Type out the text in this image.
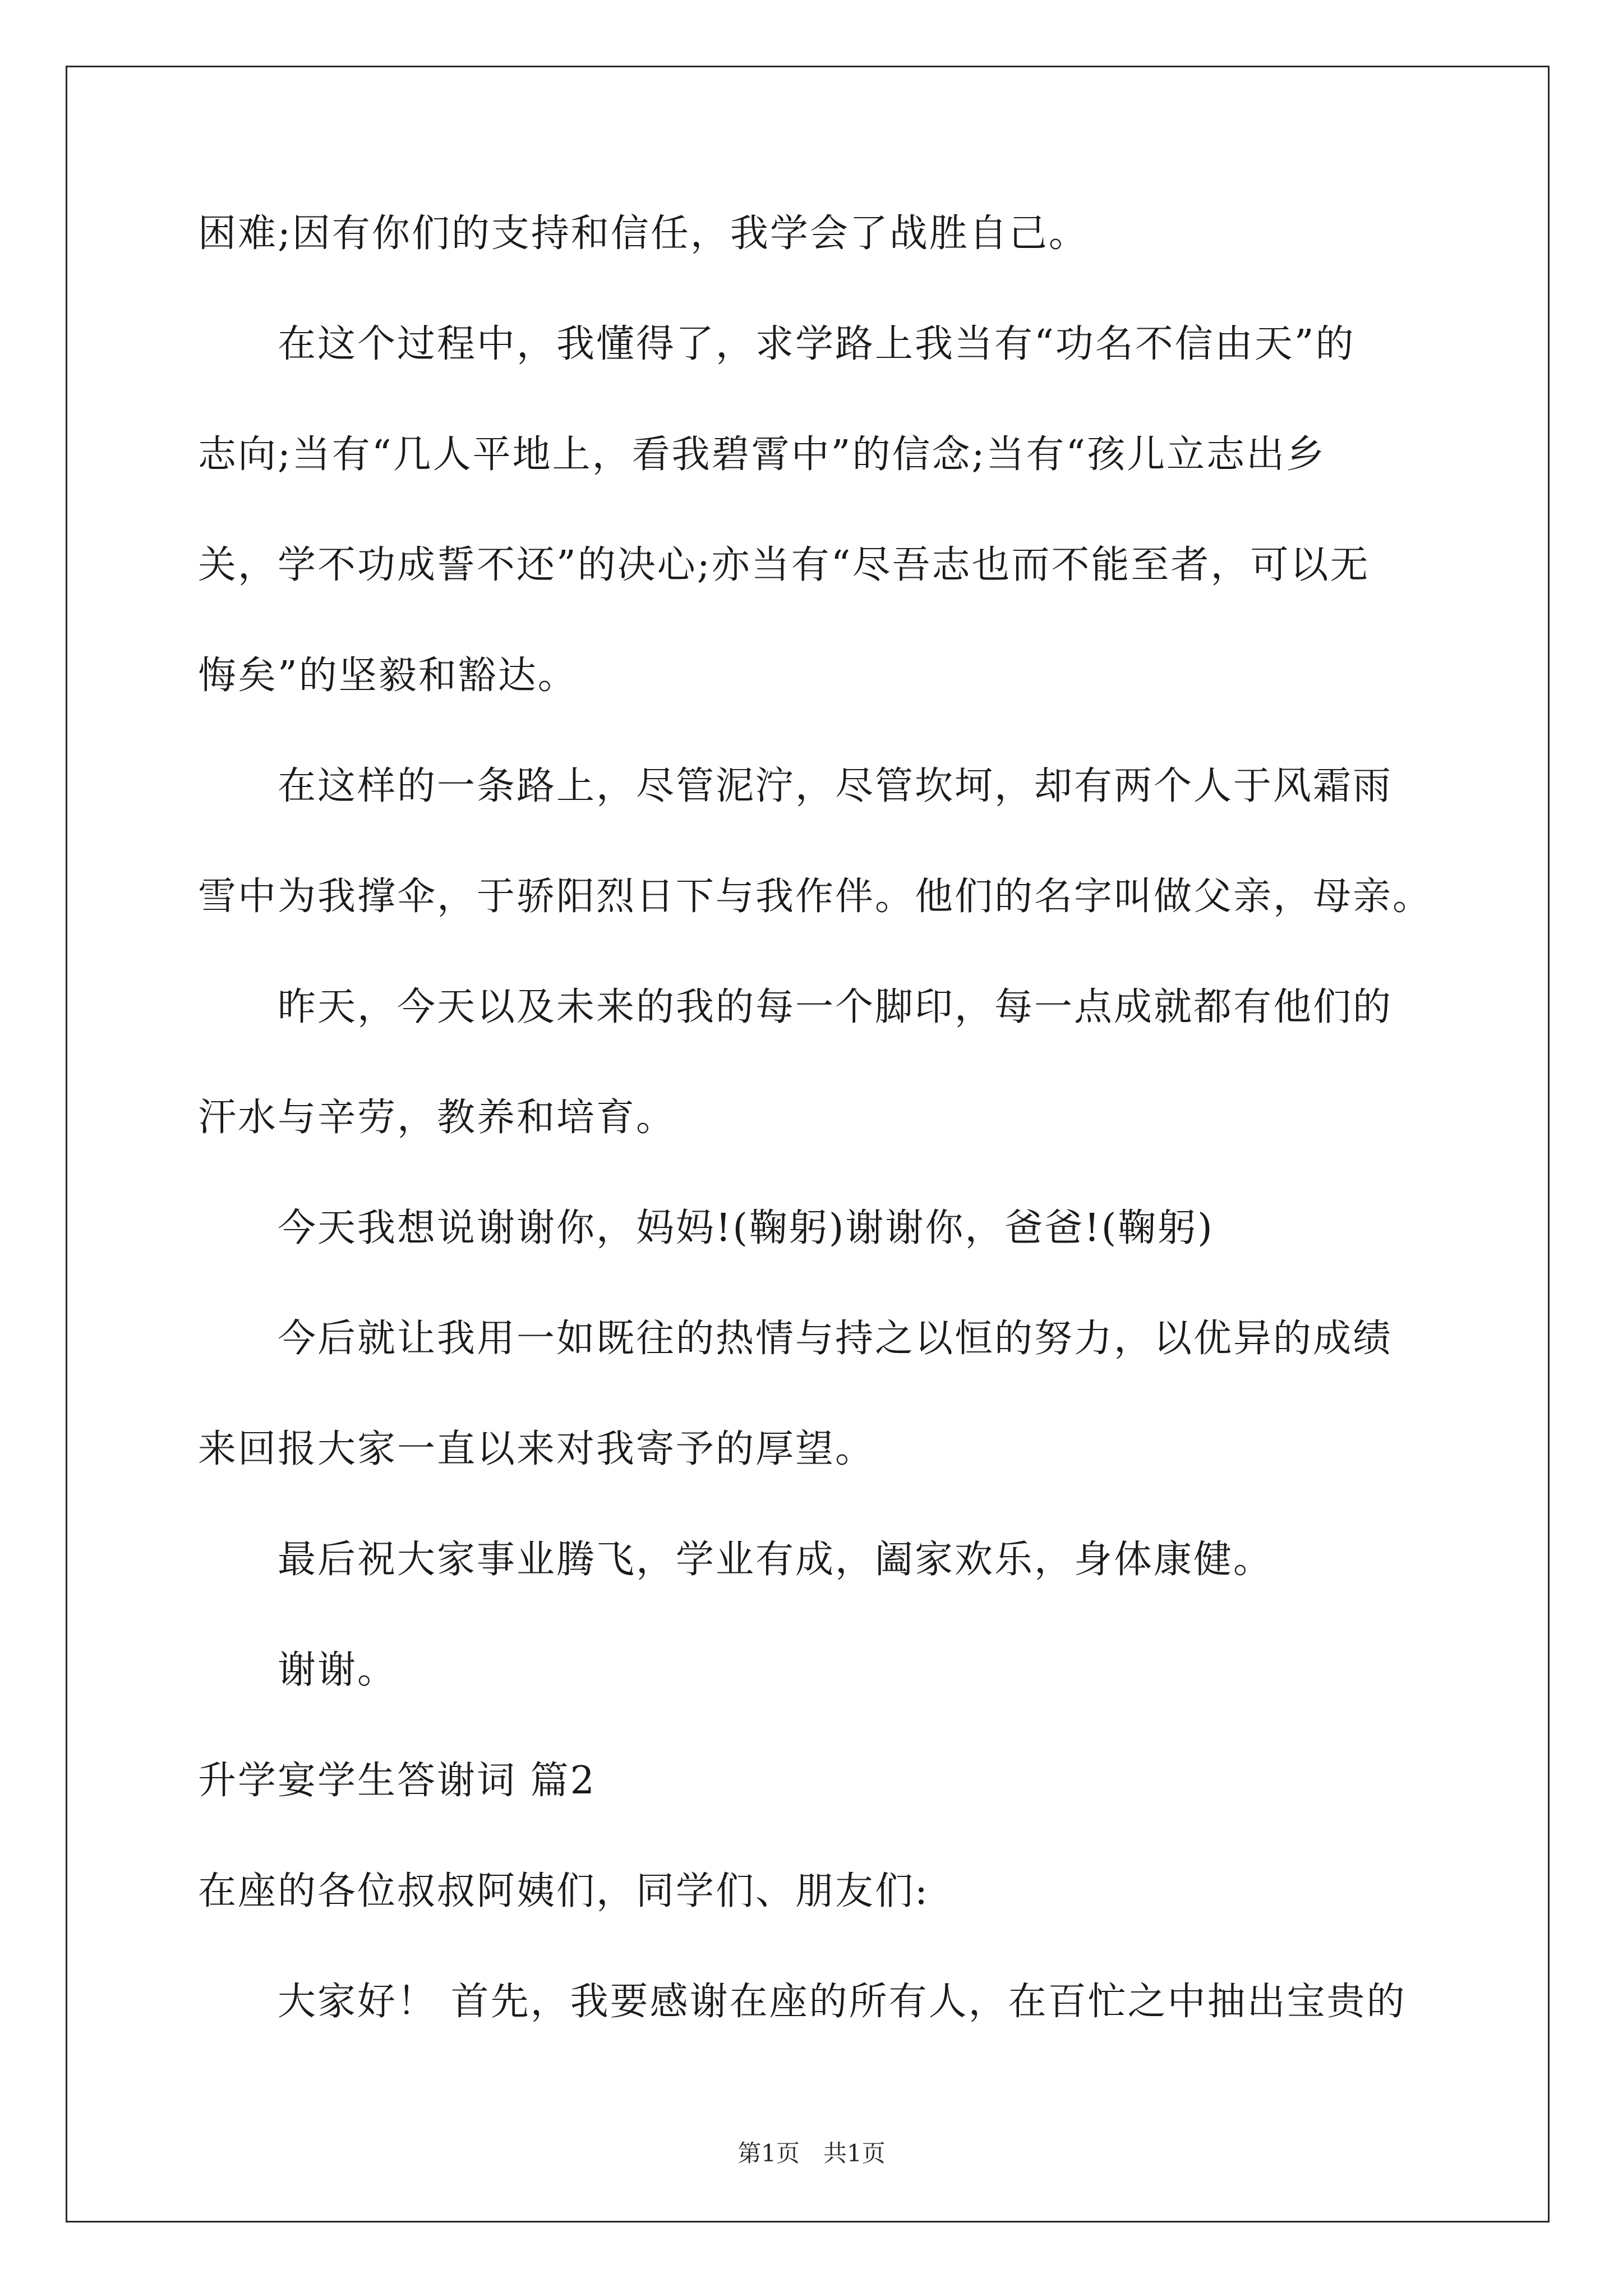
困难;因有你们的支持和信任，我学会了战胜自己。

　　在这个过程中，我懂得了，求学路上我当有“功名不信由天”的

志向;当有“几人平地上，看我碧霄中”的信念;当有“孩儿立志出乡

关，学不功成誓不还”的决心;亦当有“尽吾志也而不能至者，可以无

悔矣”的坚毅和豁达。

　　在这样的一条路上，尽管泥泞，尽管坎坷，却有两个人于风霜雨

雪中为我撑伞，于骄阳烈日下与我作伴。他们的名字叫做父亲，母亲。

　　昨天，今天以及未来的我的每一个脚印，每一点成就都有他们的

汗水与辛劳，教养和培育。

　　今天我想说谢谢你，妈妈!(鞠躬)谢谢你，爸爸!(鞠躬)

　　今后就让我用一如既往的热情与持之以恒的努力，以优异的成绩

来回报大家一直以来对我寄予的厚望。

　　最后祝大家事业腾飞，学业有成，阖家欢乐，身体康健。

　　谢谢。

升学宴学生答谢词 篇2

在座的各位叔叔阿姨们，同学们、朋友们:

　　大家好！ 首先，我要感谢在座的所有人，在百忙之中抽出宝贵的

第1页　共1页
